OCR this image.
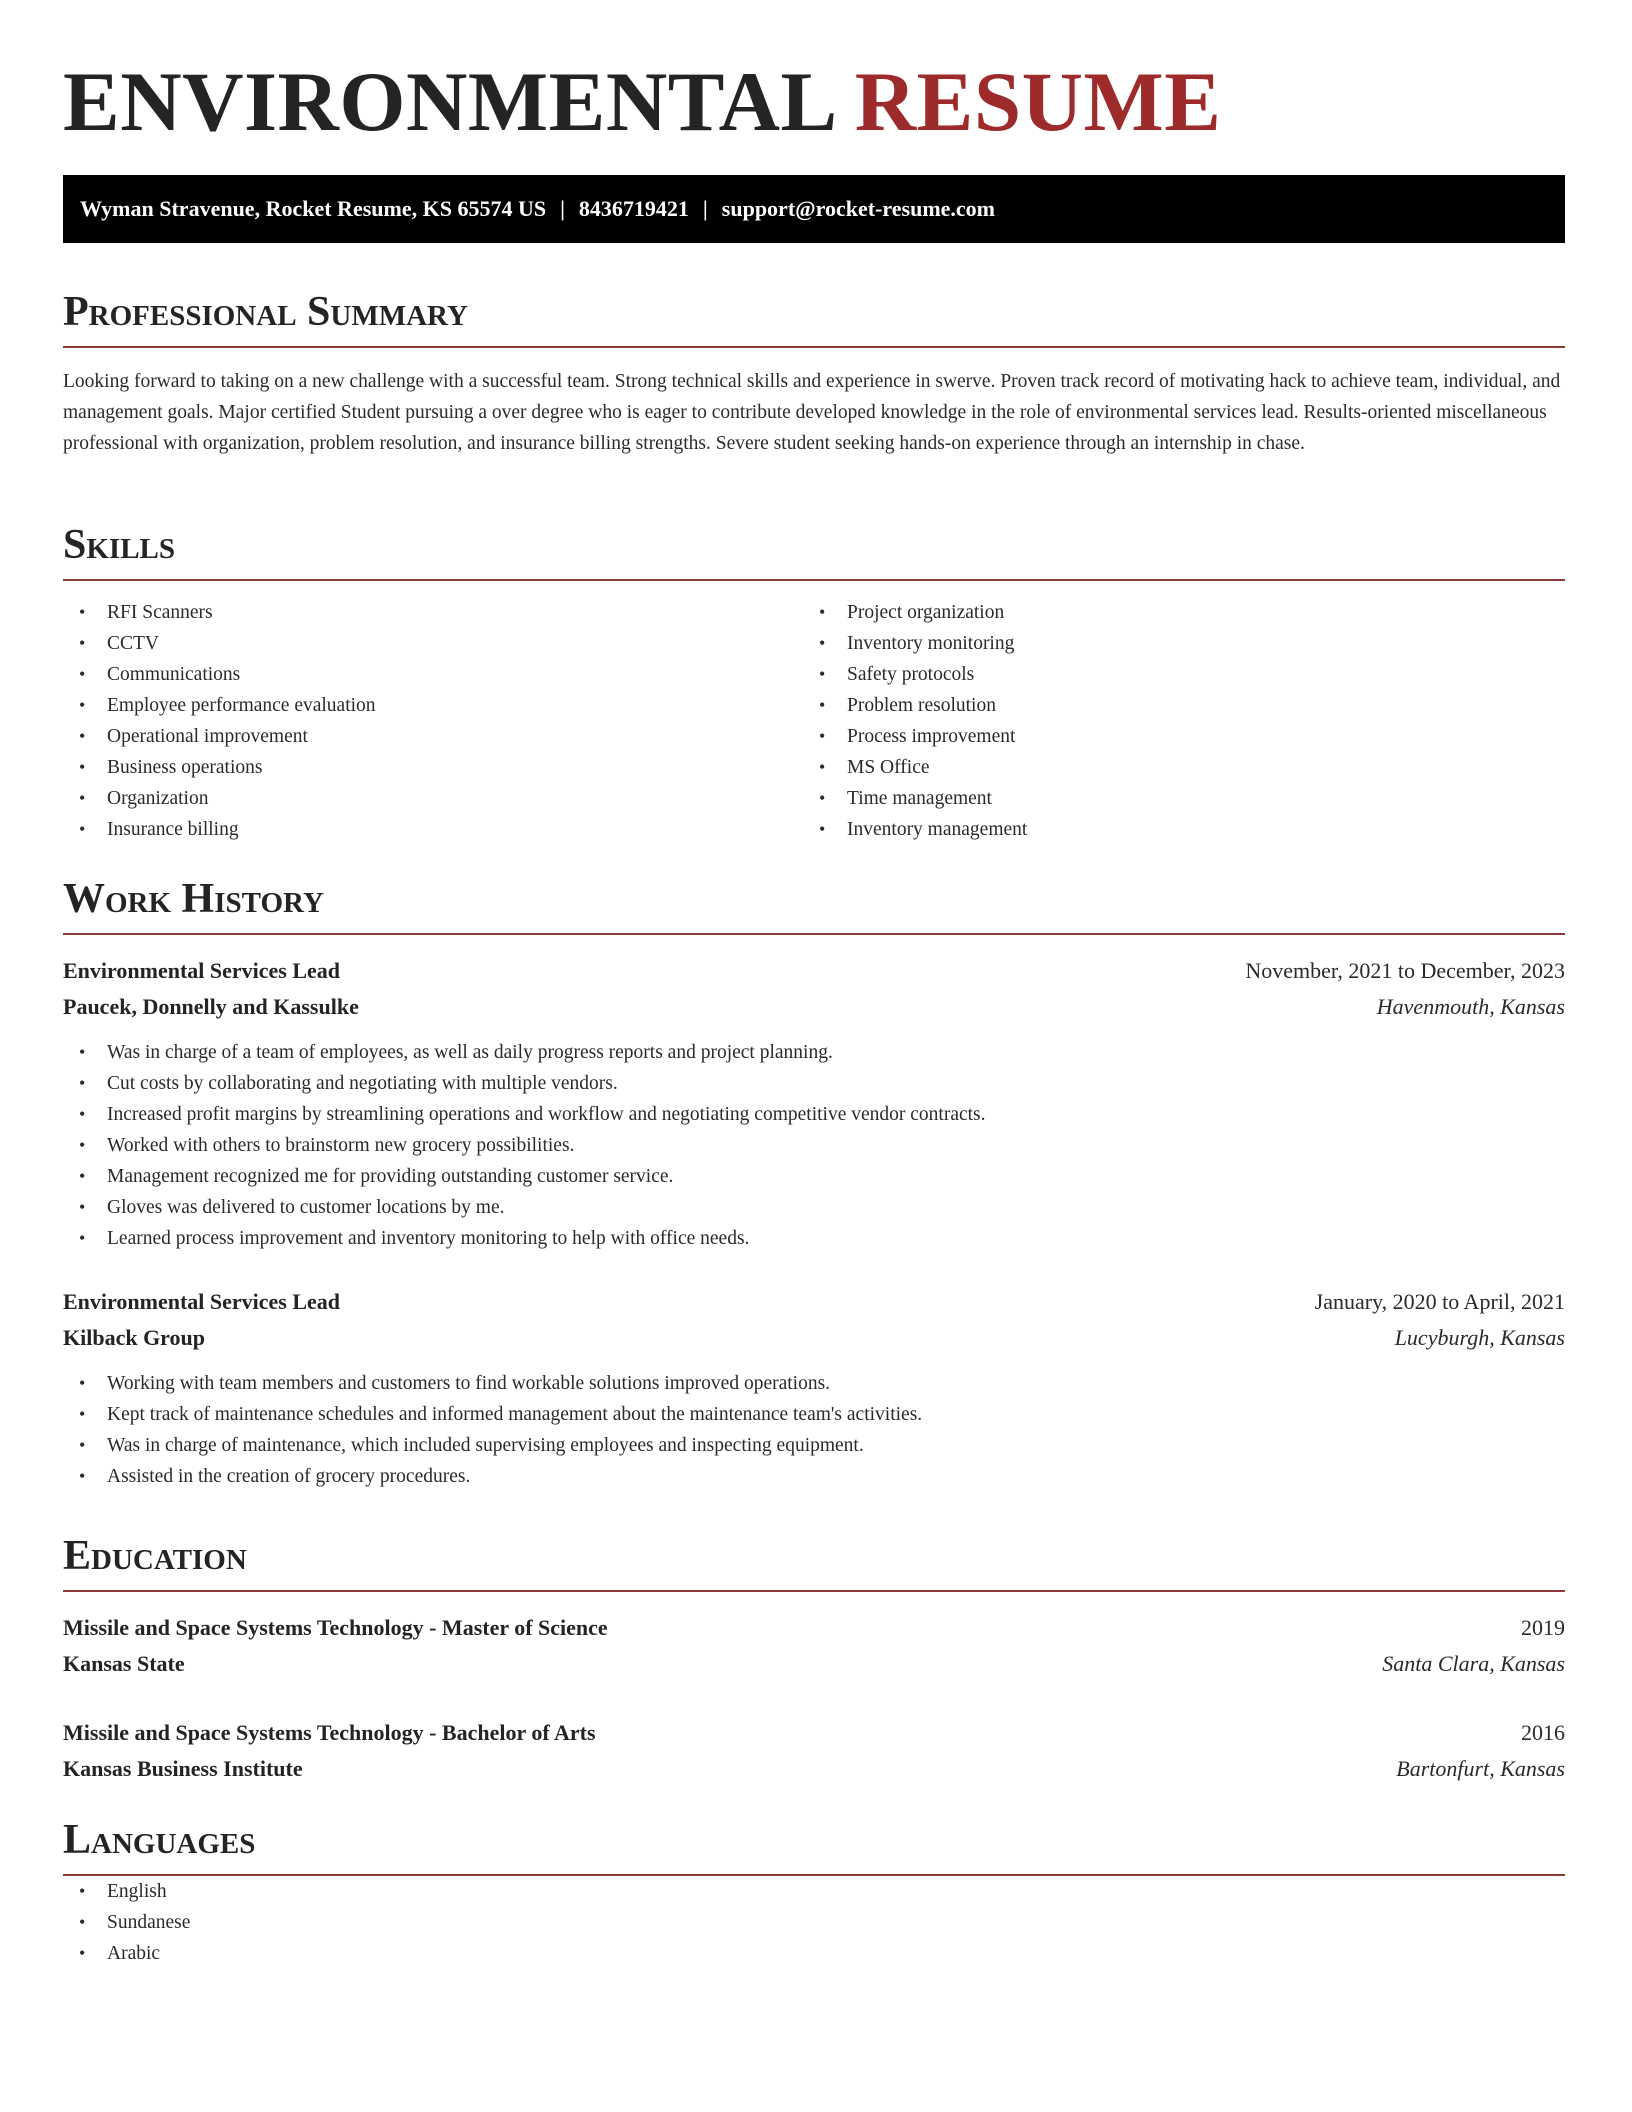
ENVIRONMENTAL RESUME
Wyman Stravenue, Rocket Resume, KS 65574 US | 8436719421 | support@rocket-resume.com
Professional Summary

Looking forward to taking on a new challenge with a successful team. Strong technical skills and experience in swerve. Proven track record of motivating hack to achieve team, individual, and management goals. Major certified Student pursuing a over degree who is eager to contribute developed knowledge in the role of environmental services lead. Results-oriented miscellaneous professional with organization, problem resolution, and insurance billing strengths. Severe student seeking hands-on experience through an internship in chase.

Skills
• RFI Scanners
• CCTV
• Communications
• Employee performance evaluation
• Operational improvement
• Business operations
• Organization
• Insurance billing
• Project organization
• Inventory monitoring
• Safety protocols
• Problem resolution
• Process improvement
• MS Office
• Time management
• Inventory management
Work History
Environmental Services Lead	November, 2021 to December, 2023
Paucek, Donnelly and Kassulke	Havenmouth, Kansas
• Was in charge of a team of employees, as well as daily progress reports and project planning.
• Cut costs by collaborating and negotiating with multiple vendors.
• Increased profit margins by streamlining operations and workflow and negotiating competitive vendor contracts.
• Worked with others to brainstorm new grocery possibilities.
• Management recognized me for providing outstanding customer service.
• Gloves was delivered to customer locations by me.
• Learned process improvement and inventory monitoring to help with office needs.
Environmental Services Lead	January, 2020 to April, 2021
Kilback Group	Lucyburgh, Kansas
• Working with team members and customers to find workable solutions improved operations.
• Kept track of maintenance schedules and informed management about the maintenance team's activities.
• Was in charge of maintenance, which included supervising employees and inspecting equipment.
• Assisted in the creation of grocery procedures.
Education
Missile and Space Systems Technology - Master of Science	2019
Kansas State	Santa Clara, Kansas
Missile and Space Systems Technology - Bachelor of Arts	2016
Kansas Business Institute	Bartonfurt, Kansas
Languages
• English
• Sundanese
• Arabic
